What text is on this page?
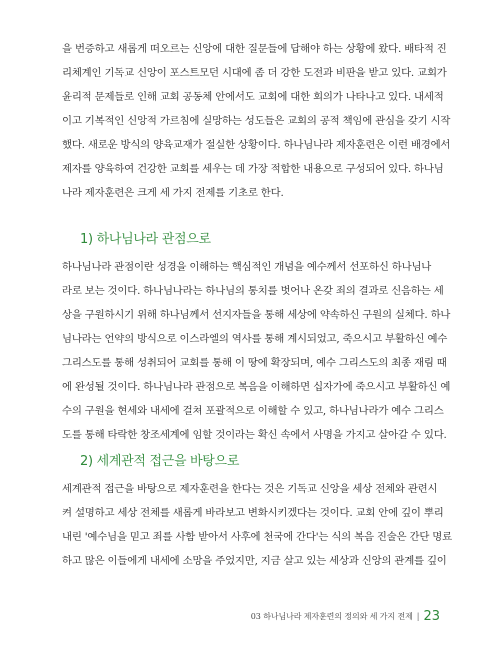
을 번증하고 새롭게 떠오르는 신앙에 대한 질문들에 답해야 하는 상황에 왔다. 배타적 진
리체계인 기독교 신앙이 포스트모던 시대에 좀 더 강한 도전과 비판을 받고 있다. 교회가
윤리적 문제들로 인해 교회 공동체 안에서도 교회에 대한 회의가 나타나고 있다. 내세적
이고 기복적인 신앙적 가르침에 실망하는 성도들은 교회의 공적 책임에 관심을 갖기 시작
했다. 새로운 방식의 양육교재가 절실한 상황이다. 하나님나라 제자훈련은 이런 배경에서
제자를 양육하여 건강한 교회를 세우는 데 가장 적합한 내용으로 구성되어 있다. 하나님
나라 제자훈련은 크게 세 가지 전제를 기초로 한다.
1) 하나님나라 관점으로
하나님나라 관점이란 성경을 이해하는 핵심적인 개념을 예수께서 선포하신 하나님나
라로 보는 것이다. 하나님나라는 하나님의 통치를 벗어나 온갖 죄의 결과로 신음하는 세
상을 구원하시기 위해 하나님께서 선지자들을 통해 세상에 약속하신 구원의 실체다. 하나
님나라는 언약의 방식으로 이스라엘의 역사를 통해 계시되었고, 죽으시고 부활하신 예수
그리스도를 통해 성취되어 교회를 통해 이 땅에 확장되며, 예수 그리스도의 최종 재림 때
에 완성될 것이다. 하나님나라 관점으로 복음을 이해하면 십자가에 죽으시고 부활하신 예
수의 구원을 현세와 내세에 걸쳐 포괄적으로 이해할 수 있고, 하나님나라가 예수 그리스
도를 통해 타락한 창조세계에 임할 것이라는 확신 속에서 사명을 가지고 살아갈 수 있다.
2) 세계관적 접근을 바탕으로
세계관적 접근을 바탕으로 제자훈련을 한다는 것은 기독교 신앙을 세상 전체와 관련시
켜 설명하고 세상 전체를 새롭게 바라보고 변화시키겠다는 것이다. 교회 안에 깊이 뿌리
내린 '예수님을 믿고 죄를 사함 받아서 사후에 천국에 간다'는 식의 복음 진술은 간단 명료
하고 많은 이들에게 내세에 소망을 주었지만, 지금 살고 있는 세상과 신앙의 관계를 깊이
03 하나님나라 제자훈련의 정의와 세 가지 전제 | 23
